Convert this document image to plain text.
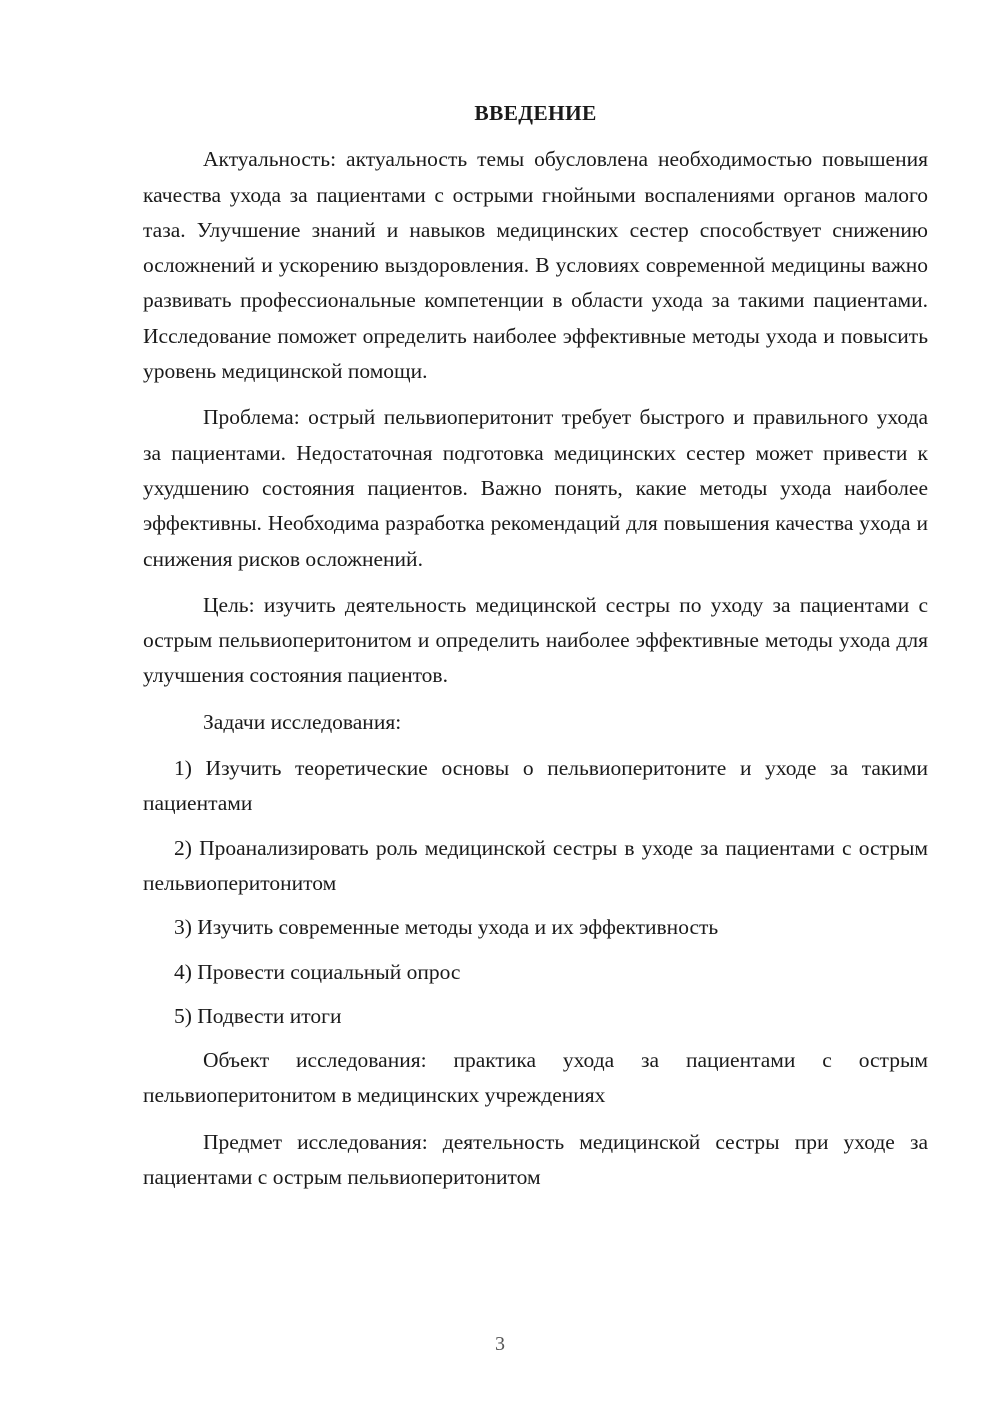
ВВЕДЕНИЕ

Актуальность: актуальность темы обусловлена необходимостью повышения качества ухода за пациентами с острыми гнойными воспалениями органов малого таза. Улучшение знаний и навыков медицинских сестер способствует снижению осложнений и ускорению выздоровления. В условиях современной медицины важно развивать профессиональные компетенции в области ухода за такими пациентами. Исследование поможет определить наиболее эффективные методы ухода и повысить уровень медицинской помощи.

Проблема: острый пельвиоперитонит требует быстрого и правильного ухода за пациентами. Недостаточная подготовка медицинских сестер может привести к ухудшению состояния пациентов. Важно понять, какие методы ухода наиболее эффективны. Необходима разработка рекомендаций для повышения качества ухода и снижения рисков осложнений.

Цель: изучить деятельность медицинской сестры по уходу за пациентами с острым пельвиоперитонитом и определить наиболее эффективные методы ухода для улучшения состояния пациентов.

Задачи исследования:

1) Изучить теоретические основы о пельвиоперитоните и уходе за такими пациентами

2) Проанализировать роль медицинской сестры в уходе за пациентами с острым пельвиоперитонитом

3) Изучить современные методы ухода и их эффективность

4) Провести социальный опрос

5) Подвести итоги

Объект исследования: практика ухода за пациентами с острым пельвиоперитонитом в медицинских учреждениях

Предмет исследования: деятельность медицинской сестры при уходе за пациентами с острым пельвиоперитонитом

3
